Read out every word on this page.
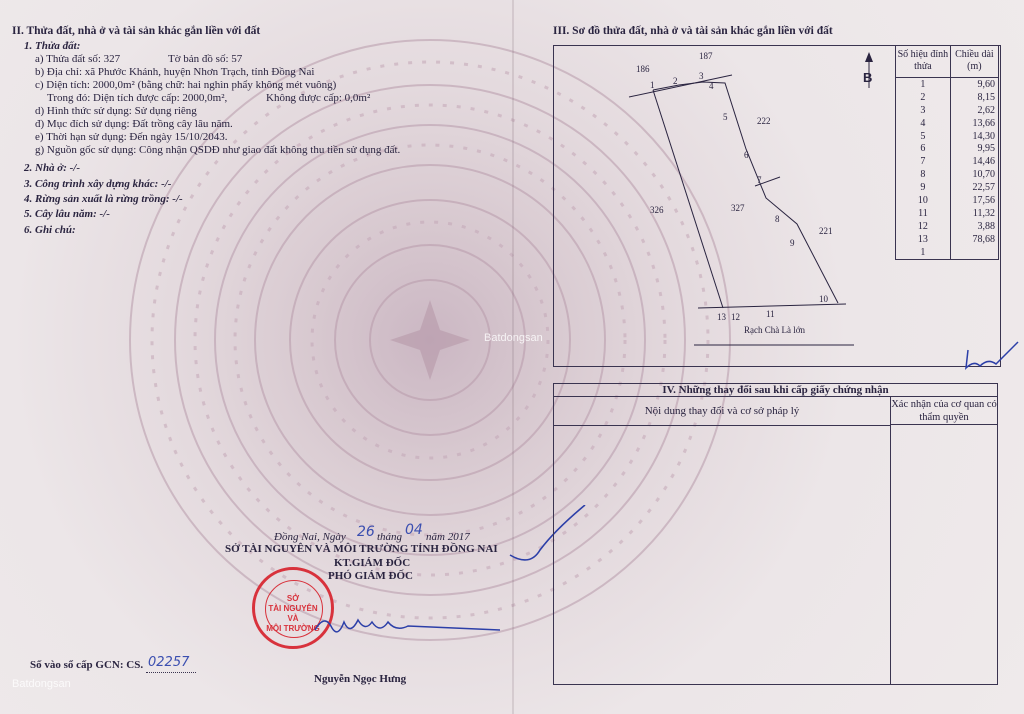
II. Thửa đất, nhà ở và tài sản khác gắn liền với đất
1. Thửa đất:
a) Thửa đất số: 327	Tờ bản đồ số: 57
b) Địa chỉ: xã Phước Khánh, huyện Nhơn Trạch, tỉnh Đồng Nai
c) Diện tích: 2000,0m² (bằng chữ: hai nghìn phẩy không mét vuông)
Trong đó: Diện tích được cấp: 2000,0m²,	Không được cấp: 0,0m²
d) Hình thức sử dụng: Sử dụng riêng
đ) Mục đích sử dụng: Đất trồng cây lâu năm.
e) Thời hạn sử dụng: Đến ngày 15/10/2043.
g) Nguồn gốc sử dụng: Công nhận QSDĐ như giao đất không thu tiền sử dụng đất.
2. Nhà ở: -/-
3. Công trình xây dựng khác: -/-
4. Rừng sản xuất là rừng trồng: -/-
5. Cây lâu năm: -/-
6. Ghi chú:
Đồng Nai, Ngày 26 tháng 04 năm 2017
SỞ TÀI NGUYÊN VÀ MÔI TRƯỜNG TỈNH ĐỒNG NAI
KT.GIÁM ĐỐC
PHÓ GIÁM ĐỐC
SỞ
TÀI NGUYÊN
VÀ
MÔI TRƯỜNG
Nguyễn Ngọc Hưng
Số vào sổ cấp GCN: CS. 02257
III. Sơ đồ thửa đất, nhà ở và tài sản khác gắn liền với đất
186
187
222
326	327
221
Rạch Chà Là lớn
1 2 3
4
5
6
7
8
9
10
11
12
13
B
Số hiệu đỉnh thửa	Chiều dài (m)
1	9,60
2	8,15
3	2,62
4	13,66
5	14,30
6	9,95
7	14,46
8	10,70
9	22,57
10	17,56
11	11,32
12	3,88
13	78,68
1	
IV. Những thay đổi sau khi cấp giấy chứng nhận
Nội dung thay đổi và cơ sở pháp lý
Xác nhận của cơ quan có thẩm quyền
Batdongsan
Batdongsan
